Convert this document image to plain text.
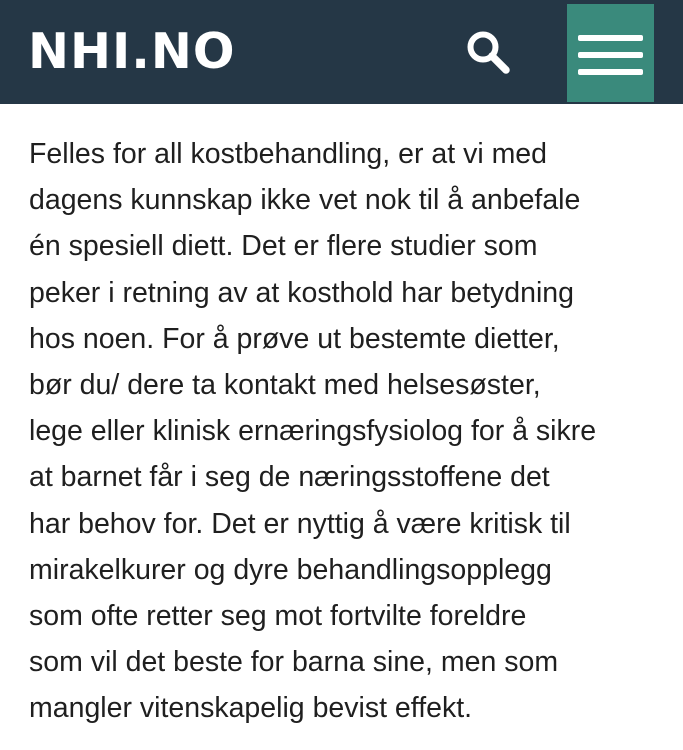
NHI.NO

Felles for all kostbehandling, er at vi med
dagens kunnskap ikke vet nok til å anbefale
én spesiell diett. Det er flere studier som
peker i retning av at kosthold har betydning
hos noen. For å prøve ut bestemte dietter,
bør du/ dere ta kontakt med helsesøster,
lege eller klinisk ernæringsfysiolog for å sikre
at barnet får i seg de næringsstoffene det
har behov for. Det er nyttig å være kritisk til
mirakelkurer og dyre behandlingsopplegg
som ofte retter seg mot fortvilte foreldre
som vil det beste for barna sine, men som
mangler vitenskapelig bevist effekt.
